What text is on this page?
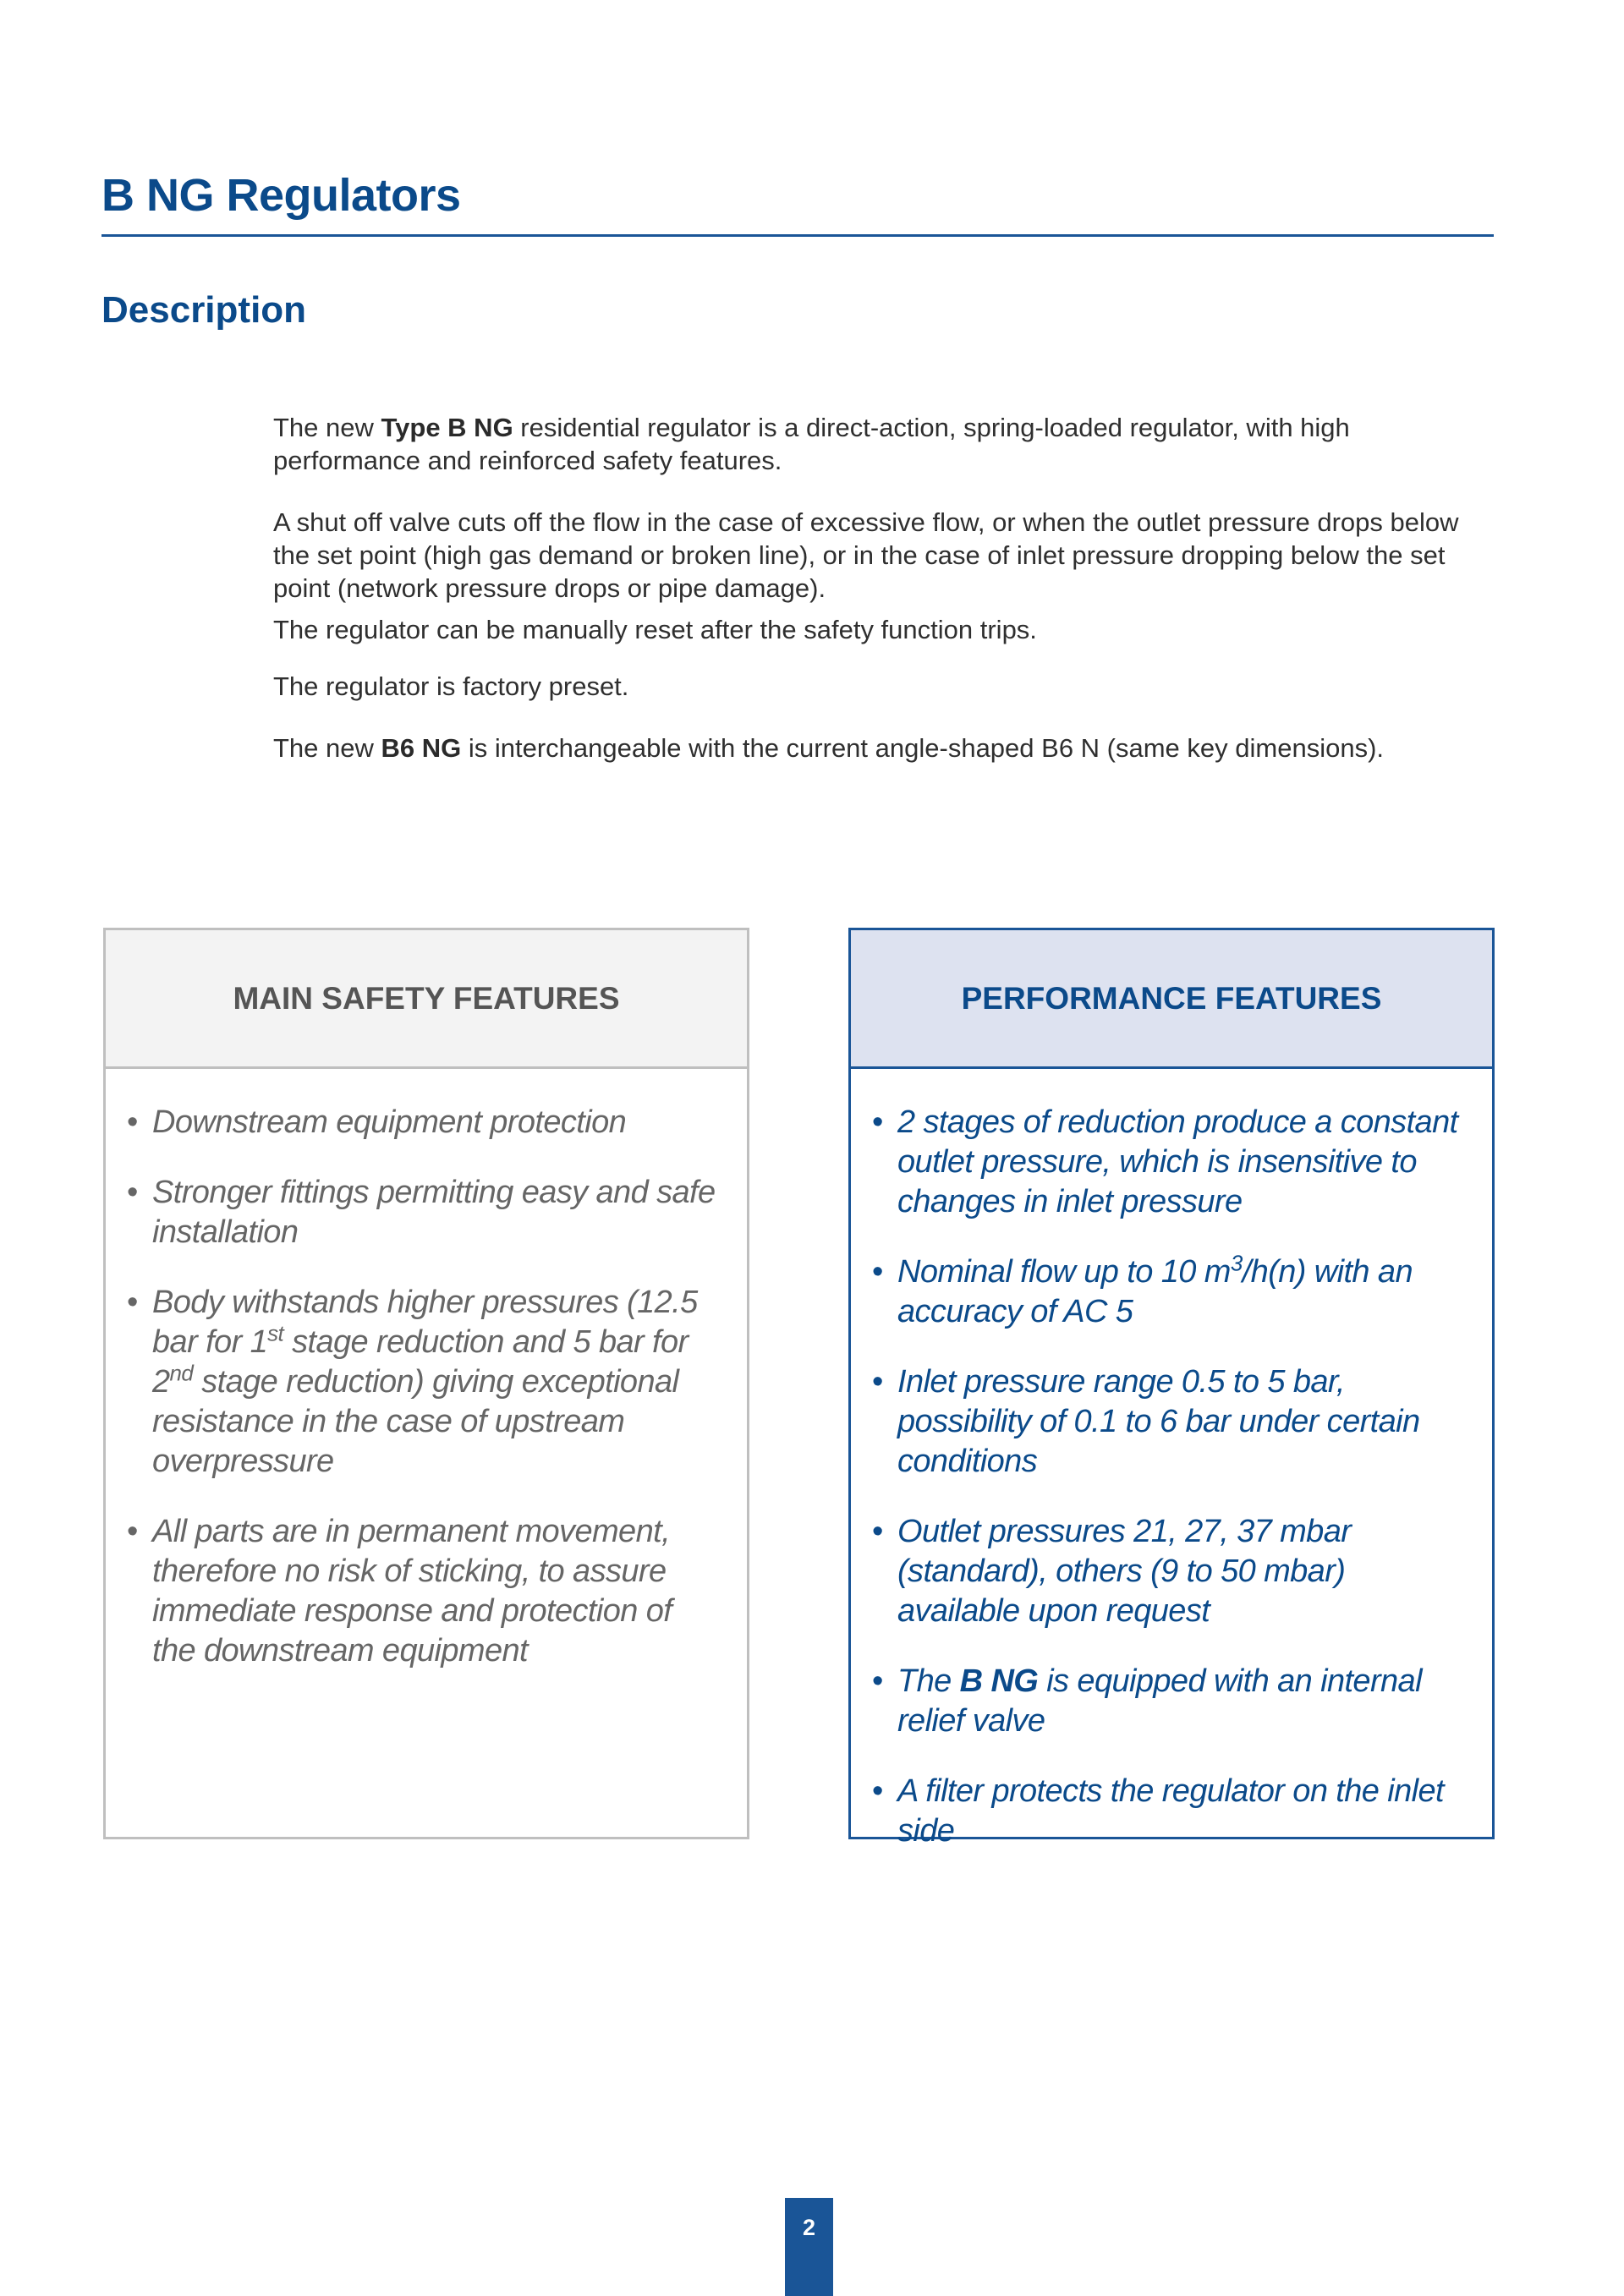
B NG Regulators
Description

The new Type B NG residential regulator is a direct-action, spring-loaded regulator, with high performance and reinforced safety features.

A shut off valve cuts off the flow in the case of excessive flow, or when the outlet pressure drops below the set point (high gas demand or broken line), or in the case of inlet pressure dropping below the set point (network pressure drops or pipe damage).

The regulator can be manually reset after the safety function trips.

The regulator is factory preset.

The new B6 NG is interchangeable with the current angle-shaped B6 N (same key dimensions).

MAIN SAFETY FEATURES
• Downstream equipment protection
• Stronger fittings permitting easy and safe installation
• Body withstands higher pressures (12.5 bar for 1st stage reduction and 5 bar for 2nd stage reduction) giving exceptional resistance in the case of upstream overpressure
• All parts are in permanent movement, therefore no risk of sticking, to assure immediate response and protection of the downstream equipment
PERFORMANCE FEATURES
• 2 stages of reduction produce a constant outlet pressure, which is insensitive to changes in inlet pressure
• Nominal flow up to 10 $m^3/h(n)$ with an accuracy of AC 5
• Inlet pressure range 0.5 to 5 bar, possibility of 0.1 to 6 bar under certain conditions
• Outlet pressures 21, 27, 37 mbar (standard), others (9 to 50 mbar) available upon request
• The B NG is equipped with an internal relief valve
• A filter protects the regulator on the inlet side
2
